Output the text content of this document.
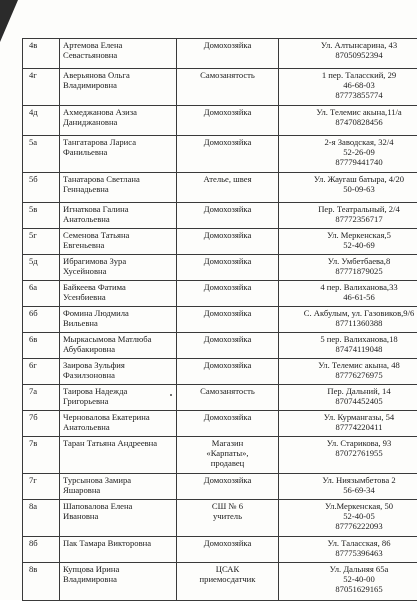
4в	Артемова Елена
Севастьяновна	Домохозяйка	Ул. Алтынсарина, 43
87050952394

4г	Аверьянова Ольга
Владимировна	Самозанятость	1 пер. Таласский, 29
46-68-03
87773855774

4д	Ахмеджанова Азиза
Даниджановна	Домохозяйка	Ул. Телемис акына,11/а
87470828456

5а	Тангатарова Лариса
Фанильевна	Домохозяйка	2-я Заводская, 32/4
52-26-09
87779441740

5б	Танатарова Светлана
Геннадьевна	Ателье, швея	Ул. Жаугаш батыра, 4/20
50-09-63

5в	Игнаткова Галина
Анатольевна	Домохозяйка	Пер. Театральный, 2/4
87772356717

5г	Семенова Татьяна
Евгеньевна	Домохозяйка	Ул. Меркенская,5
52-40-69

5д	Ибрагимова Зура
Хусейновна	Домохозяйка	Ул. Умбетбаева,8
87771879025

6а	Байкеева Фатима
Усенбиевна	Домохозяйка	4 пер. Валиханова,33
46-61-56

6б	Фомина Людмила
Вильевна	Домохозяйка	С. Акбулым, ул. Газовиков,9/6
87711360388

6в	Мыркасымова Матлюба
Абубакировна	Домохозяйка	5 пер. Валиханова,18
87474119048

6г	Заирова Зульфия
Фазилзоновна	Домохозяйка	Ул. Телемис акына, 48
87776276975

7а	Таирова Надежда
Григорьевна	Самозанятость	Пер. Дальний, 14
87074452405

7б	Черновалова Екатерина
Анатольевна	Домохозяйка	Ул. Курмангазы, 54
87774220411

7в	Таран Татьяна Андреевна	Магазин
«Карпаты»,
продавец	Ул. Старикова, 93
87072761955

7г	Турсынова Замира
Яшаровна	Домохозяйка	Ул. Ниязымбетова 2
56-69-34

8а	Шаповалова Елена
Ивановна	СШ № 6
учитель	Ул.Меркенская, 50
52-40-05
87776222093

8б	Пак Тамара Викторовна	Домохозяйка	Ул. Таласская, 86
87775396463

8в	Купцова Ирина
Владимировна	ЦСАК
приемосдатчик	Ул. Дальняя 65а
52-40-00
87051629165
